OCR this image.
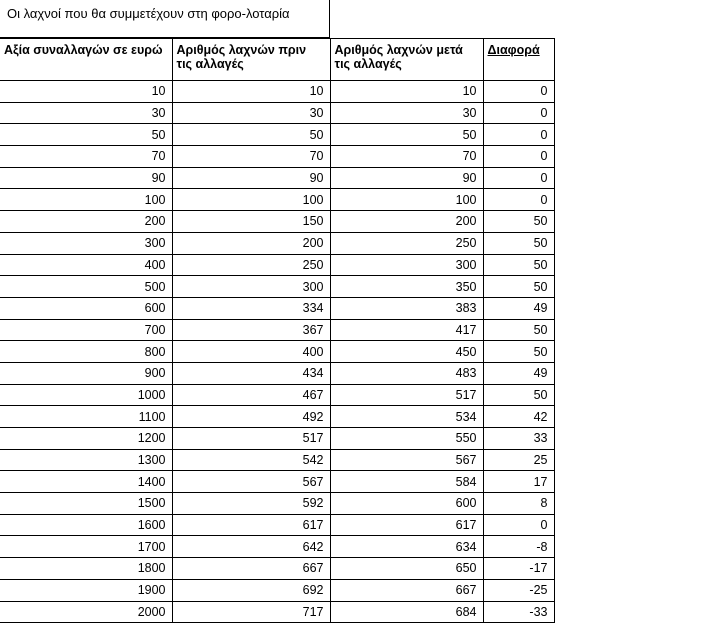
Οι λαχνοί που θα συμμετέχουν στη φορο-λοταρία
Αξία συναλλαγών σε ευρώ	Αριθμός λαχνών πριν τις αλλαγές	Αριθμός λαχνών μετά τις αλλαγές	Διαφορά
10	10	10	0
30	30	30	0
50	50	50	0
70	70	70	0
90	90	90	0
100	100	100	0
200	150	200	50
300	200	250	50
400	250	300	50
500	300	350	50
600	334	383	49
700	367	417	50
800	400	450	50
900	434	483	49
1000	467	517	50
1100	492	534	42
1200	517	550	33
1300	542	567	25
1400	567	584	17
1500	592	600	8
1600	617	617	0
1700	642	634	-8
1800	667	650	-17
1900	692	667	-25
2000	717	684	-33
